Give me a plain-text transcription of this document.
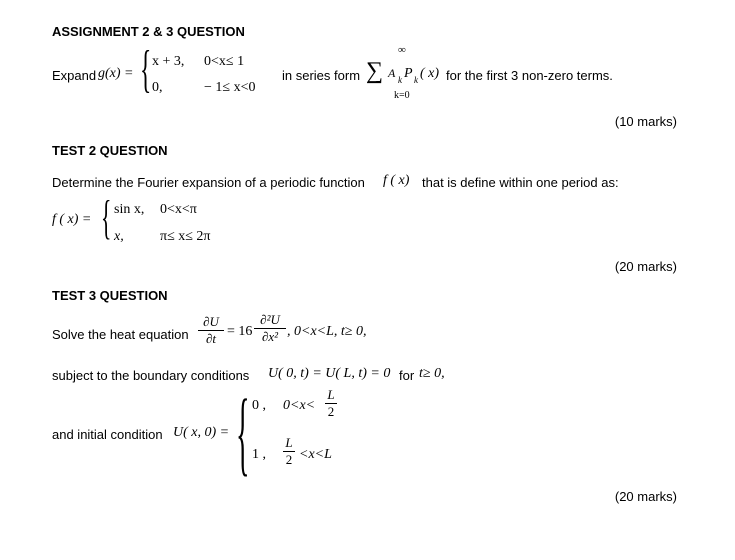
ASSIGNMENT 2 & 3 QUESTION
Expand g(x) = { x + 3, 0<x≤ 1
0,	− 1≤ x<0
in series form
∞
∑
k=0
A k P k ( x) for the first 3 non-zero terms.
(10 marks)
TEST 2 QUESTION
Determine the Fourier expansion of a periodic function f ( x) that is define within one period as:
f ( x) = { sin x, 0<x<π
x,	π≤ x≤ 2π
(20 marks)
TEST 3 QUESTION
Solve the heat equation
∂U
∂t = 16
∂²U
∂x² , 0<x<L, t≥ 0,
subject to the boundary conditions U( 0, t) = U( L, t) = 0 for t≥ 0,
and initial condition U( x, 0) = { 0 , 0<x<
L
2
1 ,
L
2 <x<L
(20 marks)
